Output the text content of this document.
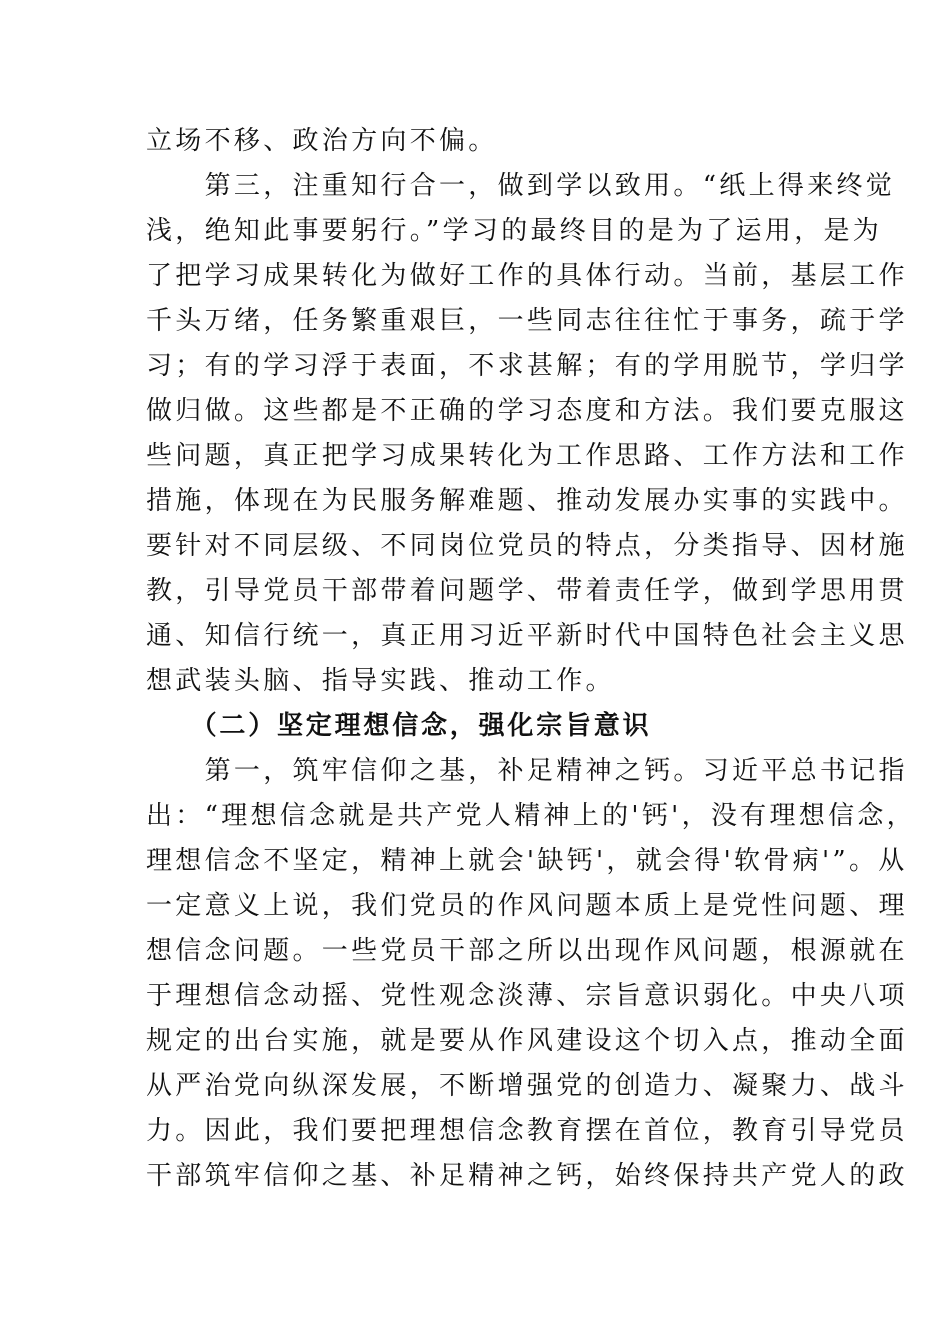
立场不移、政治方向不偏。
　　第三，注重知行合一，做到学以致用。“纸上得来终觉
浅，绝知此事要躬行。”学习的最终目的是为了运用，是为
了把学习成果转化为做好工作的具体行动。当前，基层工作
千头万绪，任务繁重艰巨，一些同志往往忙于事务，疏于学
习；有的学习浮于表面，不求甚解；有的学用脱节，学归学
做归做。这些都是不正确的学习态度和方法。我们要克服这
些问题，真正把学习成果转化为工作思路、工作方法和工作
措施，体现在为民服务解难题、推动发展办实事的实践中。
要针对不同层级、不同岗位党员的特点，分类指导、因材施
教，引导党员干部带着问题学、带着责任学，做到学思用贯
通、知信行统一，真正用习近平新时代中国特色社会主义思
想武装头脑、指导实践、推动工作。
　　（二）坚定理想信念，强化宗旨意识
　　第一，筑牢信仰之基，补足精神之钙。习近平总书记指
出：“理想信念就是共产党人精神上的'钙'，没有理想信念，
理想信念不坚定，精神上就会'缺钙'，就会得'软骨病'”。从
一定意义上说，我们党员的作风问题本质上是党性问题、理
想信念问题。一些党员干部之所以出现作风问题，根源就在
于理想信念动摇、党性观念淡薄、宗旨意识弱化。中央八项
规定的出台实施，就是要从作风建设这个切入点，推动全面
从严治党向纵深发展，不断增强党的创造力、凝聚力、战斗
力。因此，我们要把理想信念教育摆在首位，教育引导党员
干部筑牢信仰之基、补足精神之钙，始终保持共产党人的政
